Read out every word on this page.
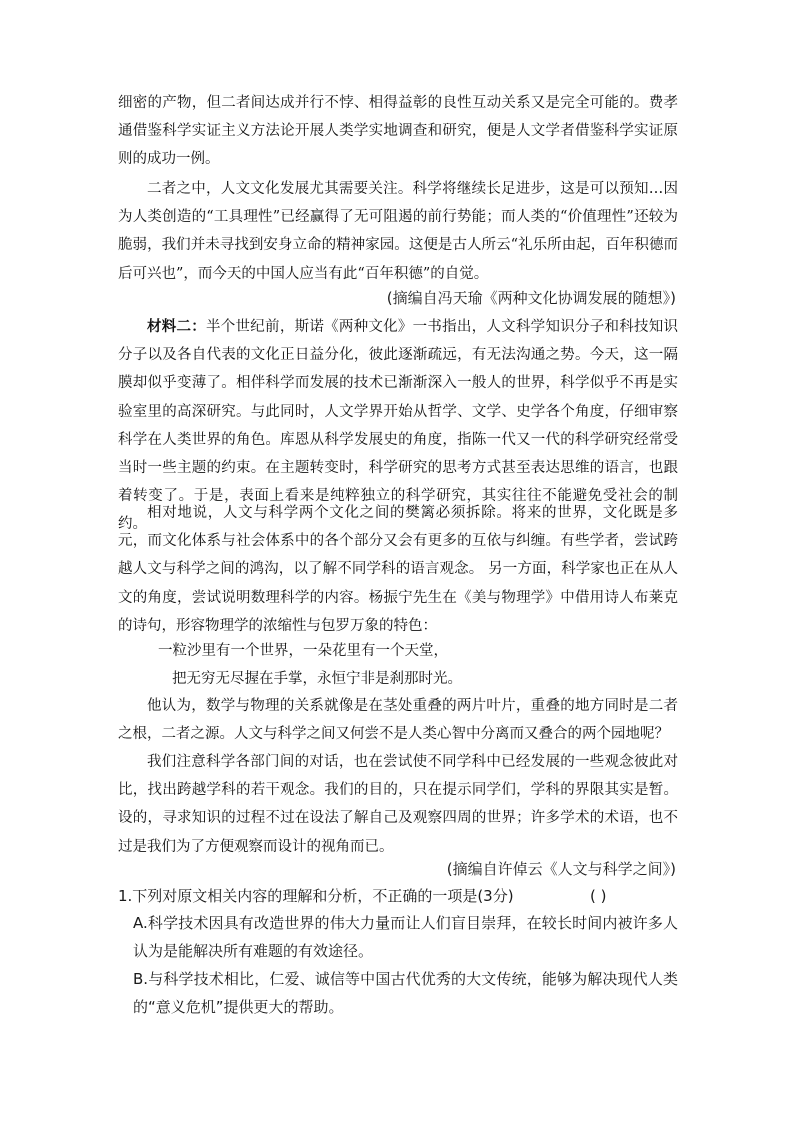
细密的产物，但二者间达成并行不悖、相得益彰的良性互动关系又是完全可能的。费孝通借鉴科学实证主义方法论开展人类学实地调查和研究，便是人文学者借鉴科学实证原则的成功一例。

二者之中，人文文化发展尤其需要关注。科学将继续长足进步，这是可以预知…因为人类创造的“工具理性”已经赢得了无可阻遏的前行势能；而人类的“价值理性”还较为脆弱，我们并未寻找到安身立命的精神家园。这便是古人所云“礼乐所由起，百年积德而后可兴也”，而今天的中国人应当有此“百年积德”的自觉。

(摘编自冯天瑜《两种文化协调发展的随想》)

材料二：半个世纪前，斯诺《两种文化》一书指出，人文科学知识分子和科技知识分子以及各自代表的文化正日益分化，彼此逐渐疏远，有无法沟通之势。今天，这一隔膜却似乎变薄了。相伴科学而发展的技术已渐渐深入一般人的世界，科学似乎不再是实验室里的高深研究。与此同时，人文学界开始从哲学、文学、史学各个角度，仔细审察科学在人类世界的角色。库恩从科学发展史的角度，指陈一代又一代的科学研究经常受当时一些主题的约束。在主题转变时，科学研究的思考方式甚至表达思维的语言，也跟着转变了。于是，表面上看来是纯粹独立的科学研究，其实往往不能避免受社会的制约。

相对地说，人文与科学两个文化之间的樊篱必须拆除。将来的世界，文化既是多元，而文化体系与社会体系中的各个部分又会有更多的互依与纠缠。有些学者，尝试跨越人文与科学之间的鸿沟，以了解不同学科的语言观念。 另一方面，科学家也正在从人文的角度，尝试说明数理科学的内容。杨振宁先生在《美与物理学》中借用诗人布莱克的诗句，形容物理学的浓缩性与包罗万象的特色：

一粒沙里有一个世界，一朵花里有一个天堂，
把无穷无尽握在手掌，永恒宁非是刹那时光。

他认为，数学与物理的关系就像是在茎处重叠的两片叶片，重叠的地方同时是二者之根，二者之源。人文与科学之间又何尝不是人类心智中分离而又叠合的两个园地呢？

我们注意科学各部门间的对话，也在尝试使不同学科中已经发展的一些观念彼此对比，找出跨越学科的若干观念。我们的目的，只在提示同学们，学科的界限其实是暂。设的，寻求知识的过程不过在设法了解自己及观察四周的世界；许多学术的术语，也不过是我们为了方便观察而设计的视角而已。

(摘编自许倬云《人文与科学之间》)
1.下列对原文相关内容的理解和分析，不正确的一项是(3分)	( )
A.科学技术因具有改造世界的伟大力量而让人们盲目崇拜，在较长时间内被许多人认为是能解决所有难题的有效途径。
B.与科学技术相比，仁爱、诚信等中国古代优秀的大文传统，能够为解决现代人类的“意义危机”提供更大的帮助。
